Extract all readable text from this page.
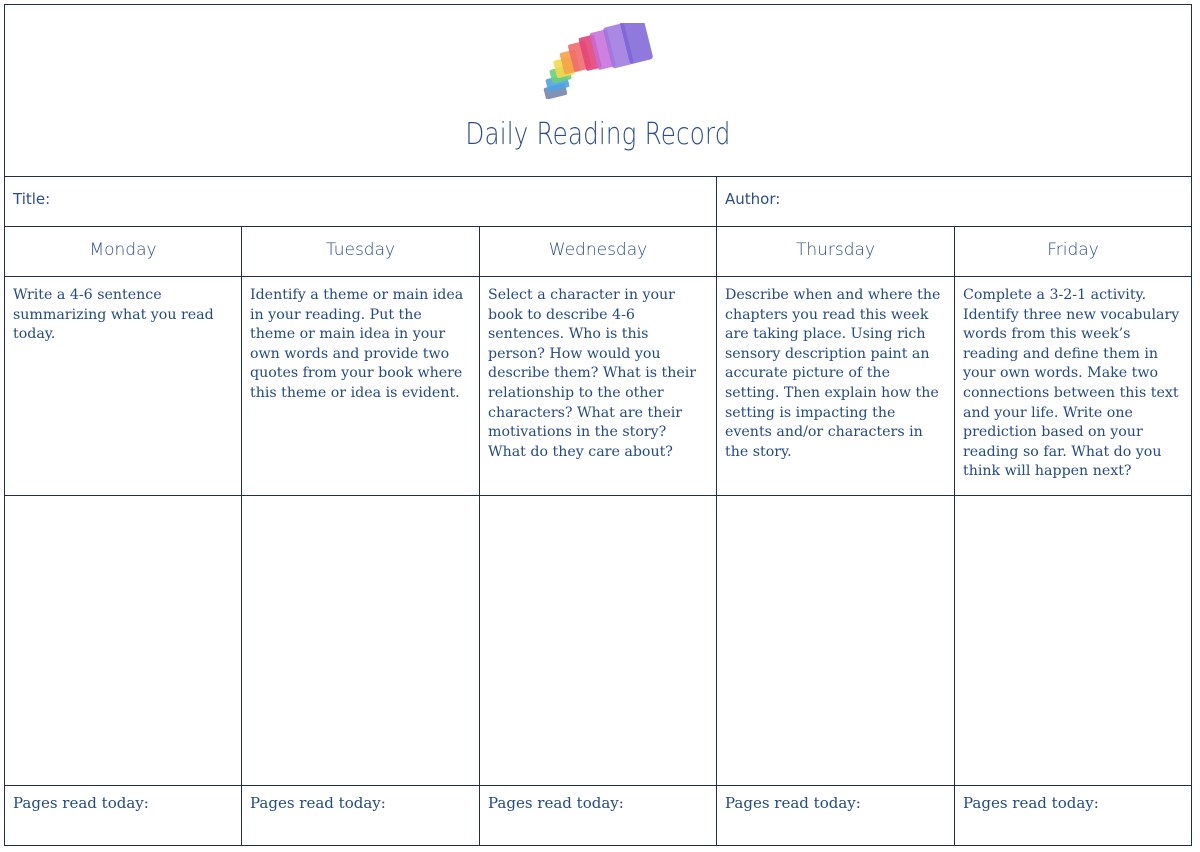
Daily Reading Record
Title:	Author:
Monday
Write a 4-6 sentence summarizing what you read today.
Pages read today:
Tuesday
Identify a theme or main idea in your reading. Put the theme or main idea in your own words and provide two quotes from your book where this theme or idea is evident.
Pages read today:
Wednesday
Select a character in your book to describe 4-6 sentences. Who is this person? How would you describe them? What is their relationship to the other characters? What are their motivations in the story? What do they care about?
Pages read today:
Thursday
Describe when and where the chapters you read this week are taking place. Using rich sensory description paint an accurate picture of the setting. Then explain how the setting is impacting the events and/or characters in the story.
Pages read today:
Friday
Complete a 3-2-1 activity. Identify three new vocabulary words from this week’s reading and define them in your own words. Make two connections between this text and your life. Write one prediction based on your reading so far. What do you think will happen next?
Pages read today:
